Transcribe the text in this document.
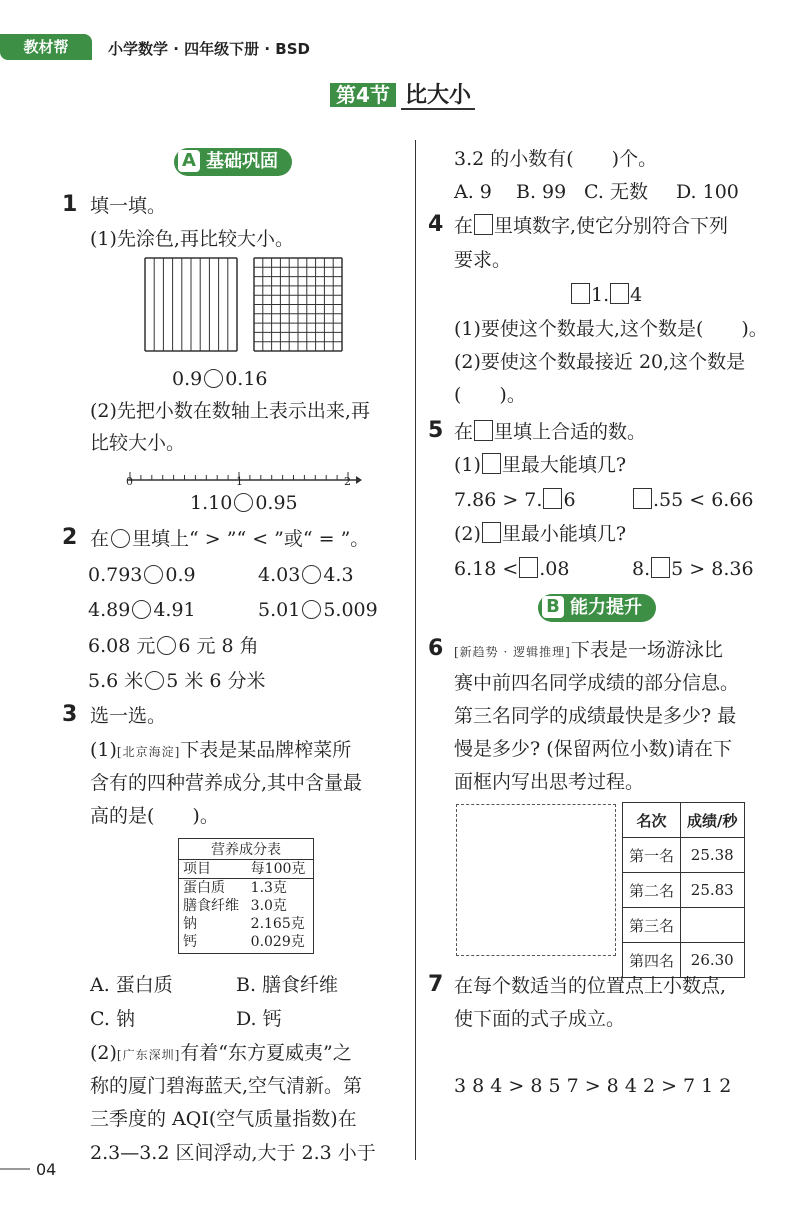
教材帮	小学数学 · 四年级下册 · BSD
第4节 比大小
A 基础巩固
1 填一填。
(1)先涂色,再比较大小。
0.9 0.16
(2)先把小数在数轴上表示出来,再
比较大小。
0	1	2
1.10 0.95
2 在 里填上“ > ”“ < ”或“ = ”。
0.793 0.9	4.03 4.3
4.89 4.91	5.01 5.009
6.08 元 6 元 8 角
5.6 米 5 米 6 分米
3 选一选。
(1)[北京海淀]下表是某品牌榨菜所
含有的四种营养成分,其中含量最
高的是(　　)。
营养成分表
项目	每100克
蛋白质	1.3克
膳食纤维	3.0克
钠	2.165克
钙	0.029克
A. 蛋白质	B. 膳食纤维
C. 钠	D. 钙
(2)[广东深圳]有着“东方夏威夷”之
称的厦门碧海蓝天,空气清新。第
三季度的 AQI(空气质量指数)在
2.3—3.2 区间浮动,大于 2.3 小于
3.2 的小数有(　　)个。
A. 9 B. 99 C. 无数 D. 100
4 在 里填数字,使它分别符合下列
要求。
1. 4
(1)要使这个数最大,这个数是(　　)。
(2)要使这个数最接近 20,这个数是
(　　)。
5 在 里填上合适的数。
(1) 里最大能填几?
7.86 > 7. 6	.55 < 6.66
(2) 里最小能填几?
6.18 < .08	8. 5 > 8.36
B 能力提升
6 [新趋势 · 逻辑推理]下表是一场游泳比
赛中前四名同学成绩的部分信息。
第三名同学的成绩最快是多少? 最
慢是多少? (保留两位小数)请在下
面框内写出思考过程。
名次	成绩/秒
第一名	25.38
第二名	25.83
第三名	
第四名	26.30
7 在每个数适当的位置点上小数点,
使下面的式子成立。
3 8 4 > 8 5 7 > 8 4 2 > 7 1 2
04
